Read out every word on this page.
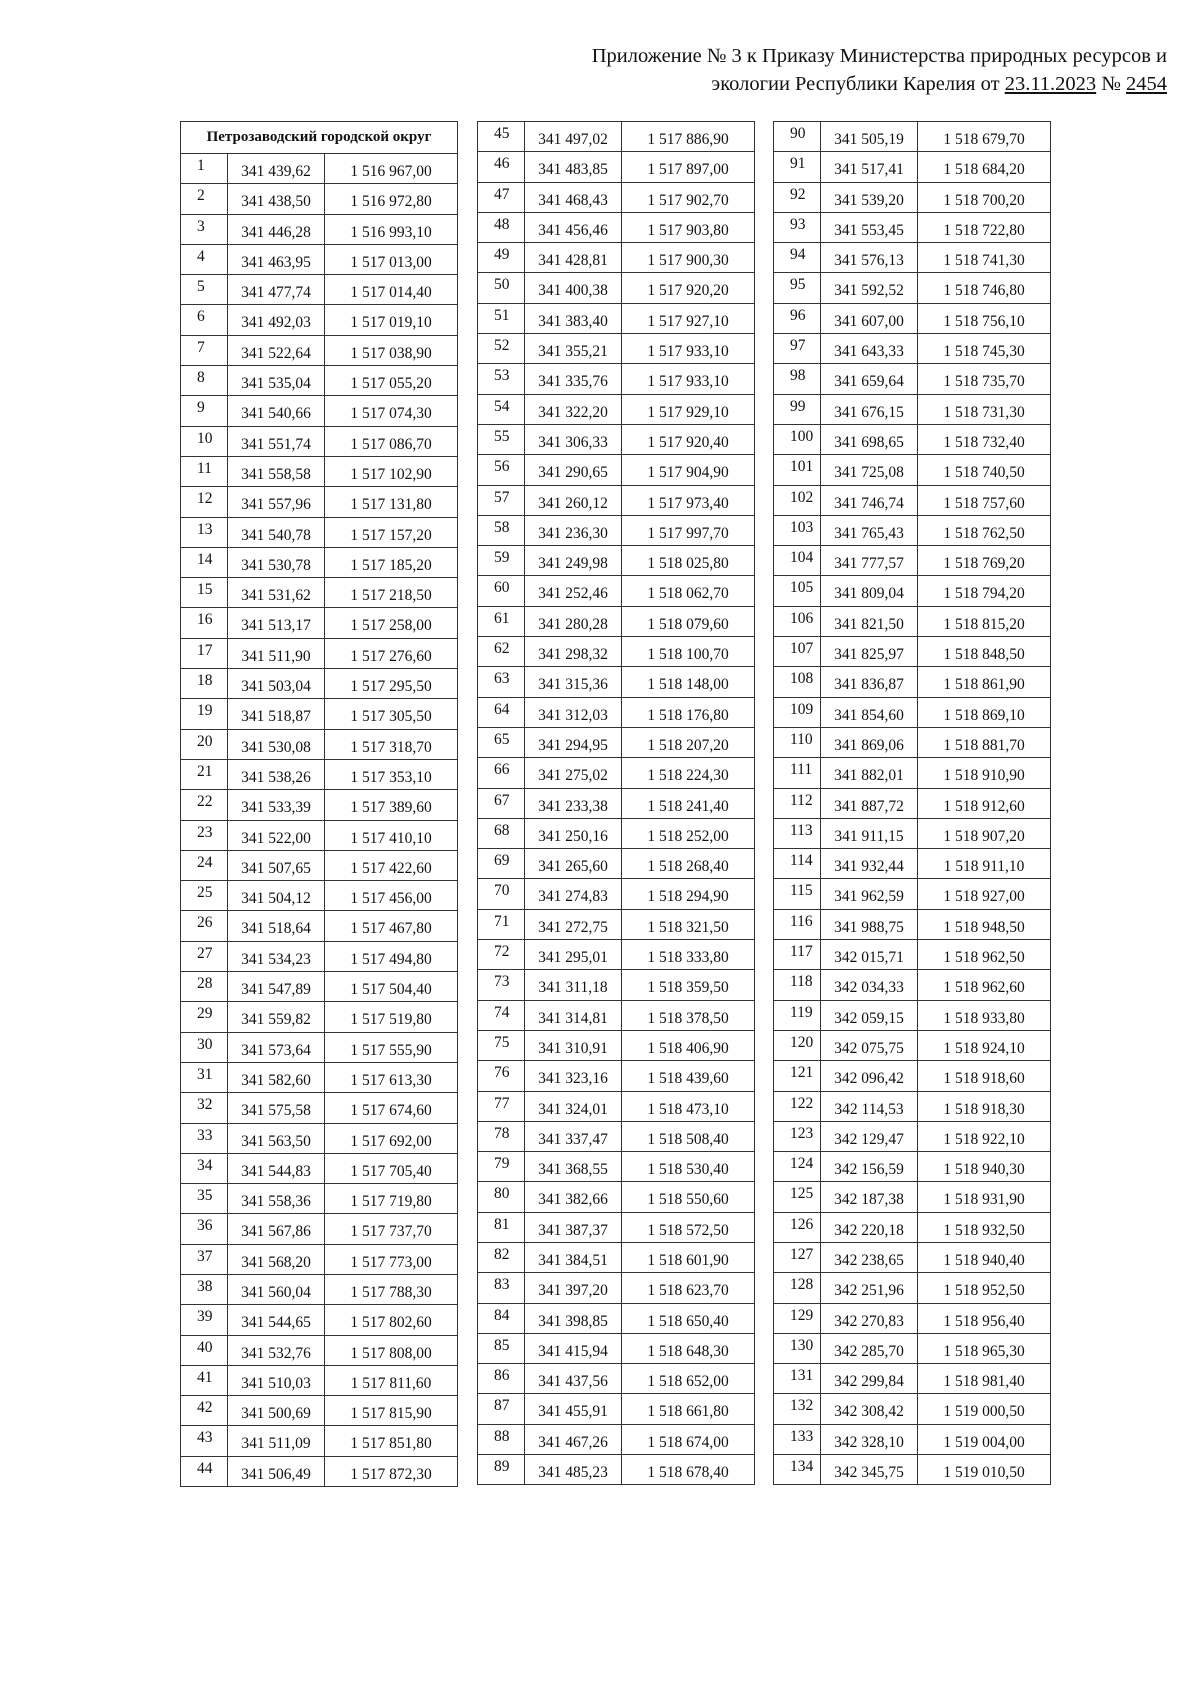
Приложение № 3 к Приказу Министерства природных ресурсов и
экологии Республики Карелия от 23.11.2023 № 2454
Петрозаводский городской округ		
1	341 439,62	1 516 967,00
2	341 438,50	1 516 972,80
3	341 446,28	1 516 993,10
4	341 463,95	1 517 013,00
5	341 477,74	1 517 014,40
6	341 492,03	1 517 019,10
7	341 522,64	1 517 038,90
8	341 535,04	1 517 055,20
9	341 540,66	1 517 074,30
10	341 551,74	1 517 086,70
11	341 558,58	1 517 102,90
12	341 557,96	1 517 131,80
13	341 540,78	1 517 157,20
14	341 530,78	1 517 185,20
15	341 531,62	1 517 218,50
16	341 513,17	1 517 258,00
17	341 511,90	1 517 276,60
18	341 503,04	1 517 295,50
19	341 518,87	1 517 305,50
20	341 530,08	1 517 318,70
21	341 538,26	1 517 353,10
22	341 533,39	1 517 389,60
23	341 522,00	1 517 410,10
24	341 507,65	1 517 422,60
25	341 504,12	1 517 456,00
26	341 518,64	1 517 467,80
27	341 534,23	1 517 494,80
28	341 547,89	1 517 504,40
29	341 559,82	1 517 519,80
30	341 573,64	1 517 555,90
31	341 582,60	1 517 613,30
32	341 575,58	1 517 674,60
33	341 563,50	1 517 692,00
34	341 544,83	1 517 705,40
35	341 558,36	1 517 719,80
36	341 567,86	1 517 737,70
37	341 568,20	1 517 773,00
38	341 560,04	1 517 788,30
39	341 544,65	1 517 802,60
40	341 532,76	1 517 808,00
41	341 510,03	1 517 811,60
42	341 500,69	1 517 815,90
43	341 511,09	1 517 851,80
44	341 506,49	1 517 872,30
45	341 497,02	1 517 886,90
46	341 483,85	1 517 897,00
47	341 468,43	1 517 902,70
48	341 456,46	1 517 903,80
49	341 428,81	1 517 900,30
50	341 400,38	1 517 920,20
51	341 383,40	1 517 927,10
52	341 355,21	1 517 933,10
53	341 335,76	1 517 933,10
54	341 322,20	1 517 929,10
55	341 306,33	1 517 920,40
56	341 290,65	1 517 904,90
57	341 260,12	1 517 973,40
58	341 236,30	1 517 997,70
59	341 249,98	1 518 025,80
60	341 252,46	1 518 062,70
61	341 280,28	1 518 079,60
62	341 298,32	1 518 100,70
63	341 315,36	1 518 148,00
64	341 312,03	1 518 176,80
65	341 294,95	1 518 207,20
66	341 275,02	1 518 224,30
67	341 233,38	1 518 241,40
68	341 250,16	1 518 252,00
69	341 265,60	1 518 268,40
70	341 274,83	1 518 294,90
71	341 272,75	1 518 321,50
72	341 295,01	1 518 333,80
73	341 311,18	1 518 359,50
74	341 314,81	1 518 378,50
75	341 310,91	1 518 406,90
76	341 323,16	1 518 439,60
77	341 324,01	1 518 473,10
78	341 337,47	1 518 508,40
79	341 368,55	1 518 530,40
80	341 382,66	1 518 550,60
81	341 387,37	1 518 572,50
82	341 384,51	1 518 601,90
83	341 397,20	1 518 623,70
84	341 398,85	1 518 650,40
85	341 415,94	1 518 648,30
86	341 437,56	1 518 652,00
87	341 455,91	1 518 661,80
88	341 467,26	1 518 674,00
89	341 485,23	1 518 678,40
90	341 505,19	1 518 679,70
91	341 517,41	1 518 684,20
92	341 539,20	1 518 700,20
93	341 553,45	1 518 722,80
94	341 576,13	1 518 741,30
95	341 592,52	1 518 746,80
96	341 607,00	1 518 756,10
97	341 643,33	1 518 745,30
98	341 659,64	1 518 735,70
99	341 676,15	1 518 731,30
100	341 698,65	1 518 732,40
101	341 725,08	1 518 740,50
102	341 746,74	1 518 757,60
103	341 765,43	1 518 762,50
104	341 777,57	1 518 769,20
105	341 809,04	1 518 794,20
106	341 821,50	1 518 815,20
107	341 825,97	1 518 848,50
108	341 836,87	1 518 861,90
109	341 854,60	1 518 869,10
110	341 869,06	1 518 881,70
111	341 882,01	1 518 910,90
112	341 887,72	1 518 912,60
113	341 911,15	1 518 907,20
114	341 932,44	1 518 911,10
115	341 962,59	1 518 927,00
116	341 988,75	1 518 948,50
117	342 015,71	1 518 962,50
118	342 034,33	1 518 962,60
119	342 059,15	1 518 933,80
120	342 075,75	1 518 924,10
121	342 096,42	1 518 918,60
122	342 114,53	1 518 918,30
123	342 129,47	1 518 922,10
124	342 156,59	1 518 940,30
125	342 187,38	1 518 931,90
126	342 220,18	1 518 932,50
127	342 238,65	1 518 940,40
128	342 251,96	1 518 952,50
129	342 270,83	1 518 956,40
130	342 285,70	1 518 965,30
131	342 299,84	1 518 981,40
132	342 308,42	1 519 000,50
133	342 328,10	1 519 004,00
134	342 345,75	1 519 010,50
